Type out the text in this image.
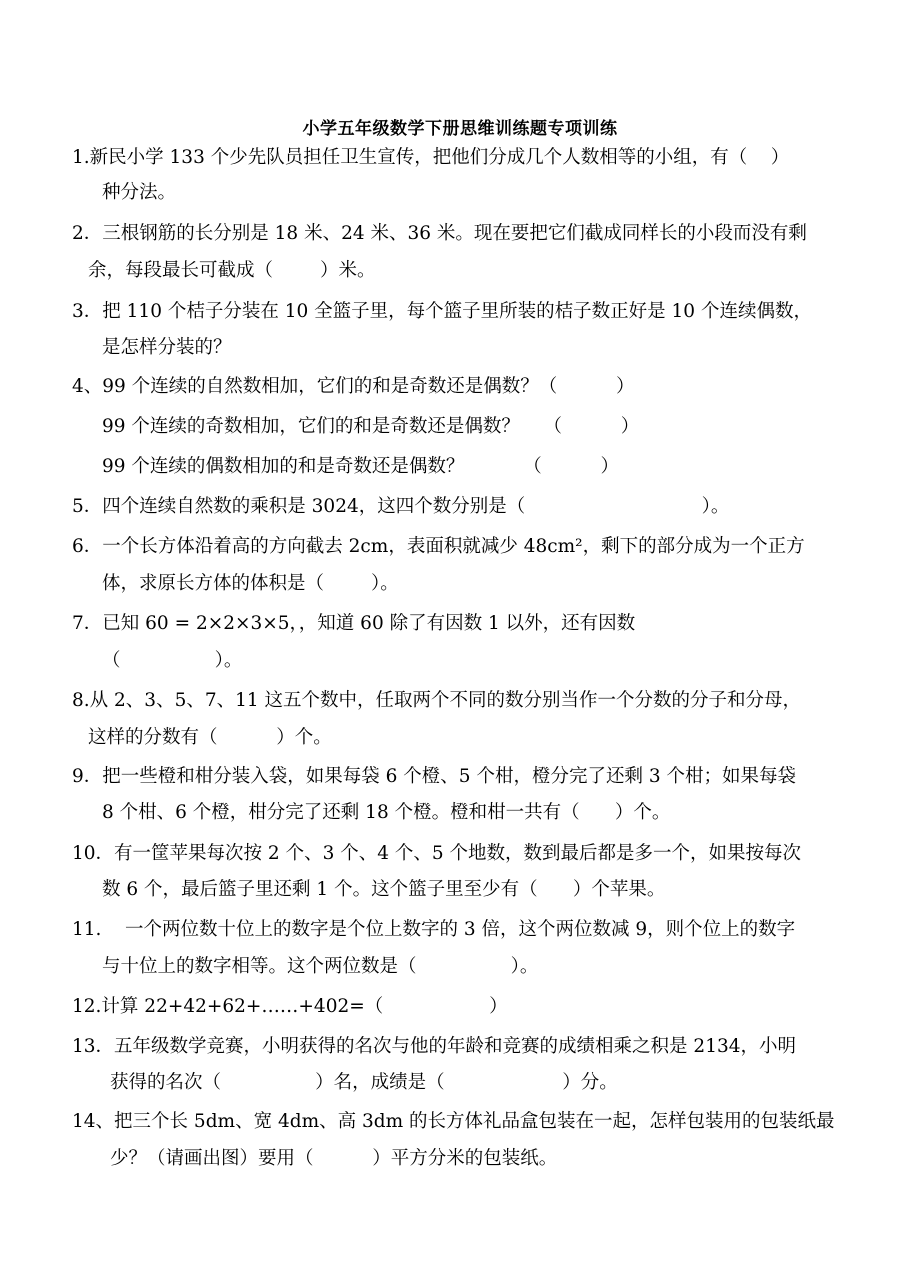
小学五年级数学下册思维训练题专项训练
1.新民小学 133 个少先队员担任卫生宣传，把他们分成几个人数相等的小组，有（    ）
种分法。
2．三根钢筋的长分别是 18 米、24 米、36 米。现在要把它们截成同样长的小段而没有剩
余，每段最长可截成（        ）米。
3．把 110 个桔子分装在 10 全篮子里，每个篮子里所装的桔子数正好是 10 个连续偶数，
是怎样分装的？
4、99 个连续的自然数相加，它们的和是奇数还是偶数？（          ）
99 个连续的奇数相加，它们的和是奇数还是偶数？    （          ）
99 个连续的偶数相加的和是奇数还是偶数？          （          ）
5．四个连续自然数的乘积是 3024，这四个数分别是（                              ）。
6．一个长方体沿着高的方向截去 2cm，表面积就减少 48cm²，剩下的部分成为一个正方
体，求原长方体的体积是（        ）。
7．已知 60 = 2×2×3×5，，知道 60 除了有因数 1 以外，还有因数
（                ）。
8.从 2、3、5、7、11 这五个数中，任取两个不同的数分别当作一个分数的分子和分母，
这样的分数有（          ）个。
9．把一些橙和柑分装入袋，如果每袋 6 个橙、5 个柑，橙分完了还剩 3 个柑；如果每袋
8 个柑、6 个橙，柑分完了还剩 18 个橙。橙和柑一共有（      ）个。
10．有一筐苹果每次按 2 个、3 个、4 个、5 个地数，数到最后都是多一个，如果按每次
数 6 个，最后篮子里还剩 1 个。这个篮子里至少有（      ）个苹果。
11.    一个两位数十位上的数字是个位上数字的 3 倍，这个两位数减 9，则个位上的数字
与十位上的数字相等。这个两位数是（                ）。
12.计算 22+42+62+……+402=（                  ）
13．五年级数学竞赛，小明获得的名次与他的年龄和竞赛的成绩相乘之积是 2134，小明
获得的名次（                ）名，成绩是（                    ）分。
14、把三个长 5dm、宽 4dm、高 3dm 的长方体礼品盒包装在一起，怎样包装用的包装纸最
少？（请画出图）要用（          ）平方分米的包装纸。
